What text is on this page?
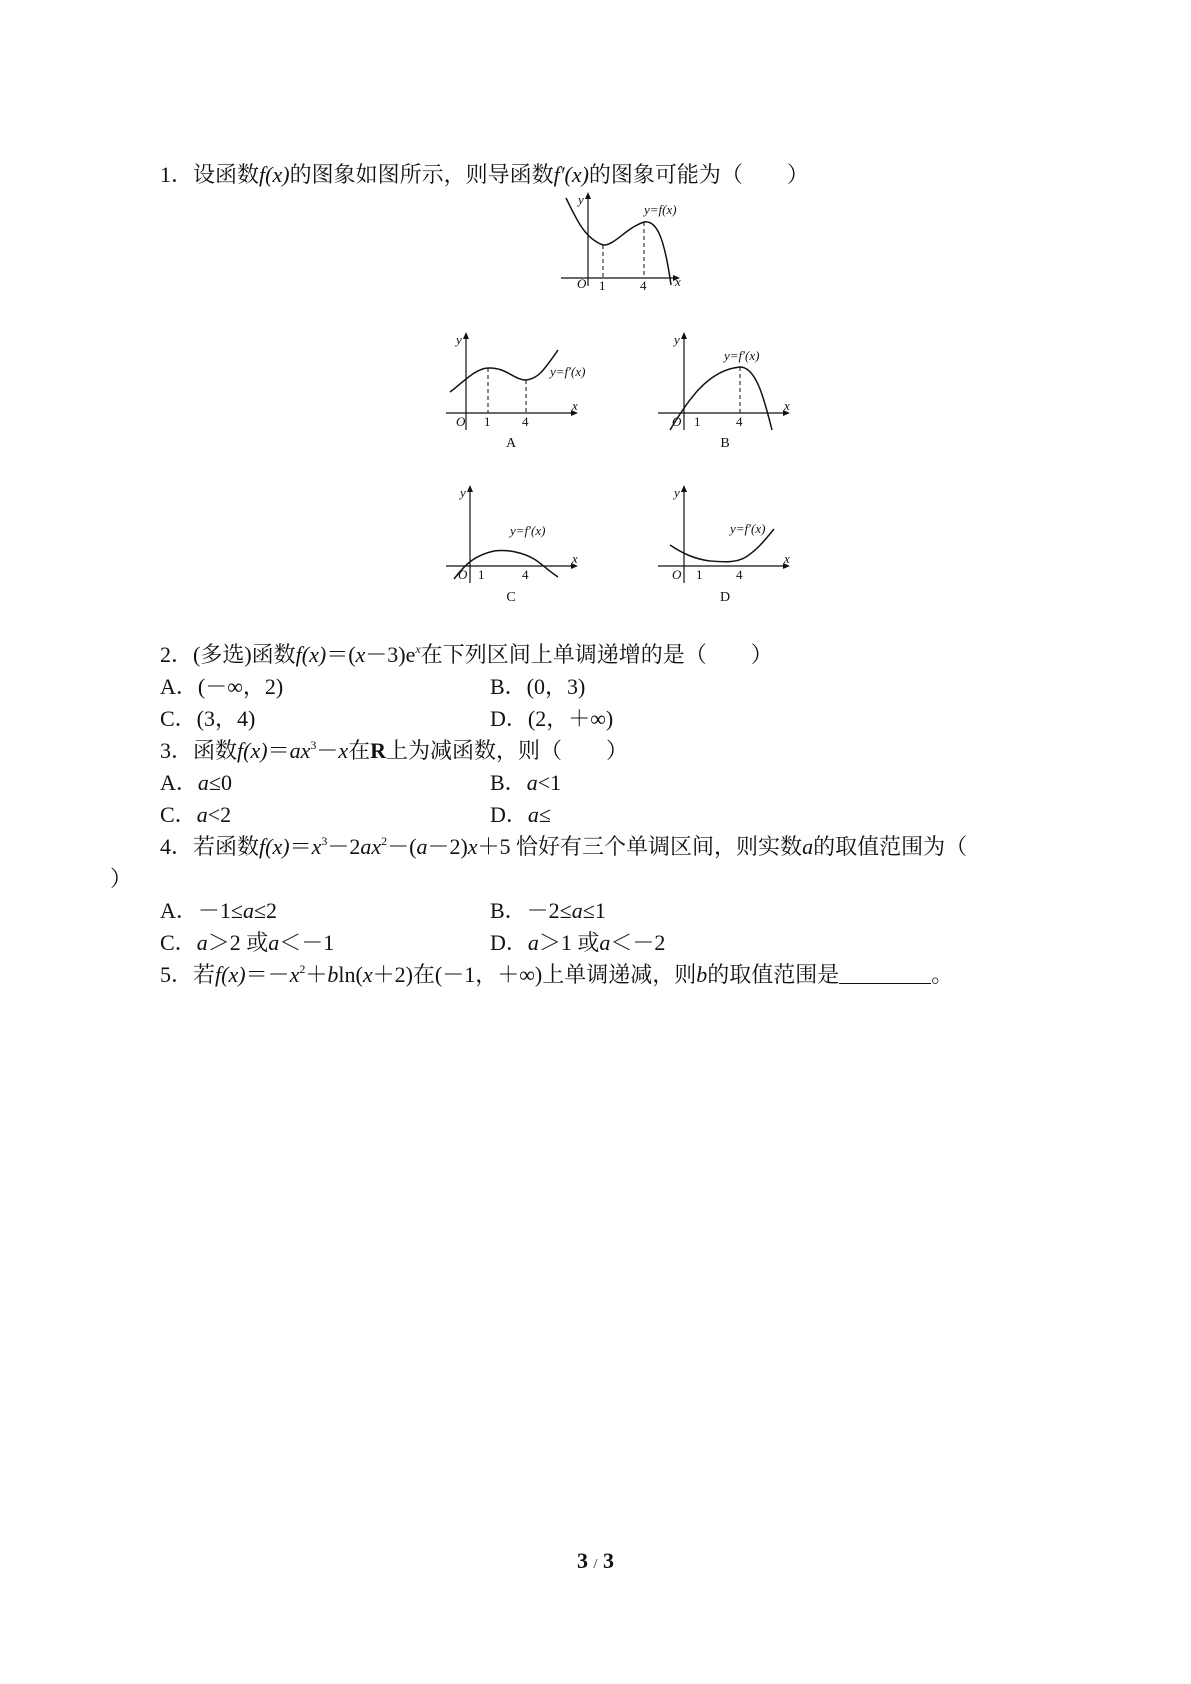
1．设函数f(x)的图象如图所示，则导函数f′(x)的图象可能为（　　）
y
x
O 1	4
y=f(x)
y=f′(x)
y
x
O 1 4
A
y=f′(x)
y
x
O 1	4
B
y=f′(x)
y
x
O 1	4
C
y=f′(x)
y
x
O 1	4
D
2．(多选)函数$f(x)=(x-3)e^x$在下列区间上单调递增的是（　　）
A．(－∞，2)	B．(0，3)
C．(3，4)	D．(2，＋∞)
3．函数$f(x)=ax^3-x$在R上为减函数，则（　　）
A．a≤0	B．a<1
C．a<2	D．a≤
4．若函数$f(x)=x^3-2ax^2-(a-2)x+5$ 恰好有三个单调区间，则实数a的取值范围为（
）
A．－1≤a≤2	B．－2≤a≤1
C．a＞2 或a＜－1	D．a＞1 或a＜－2
5．若$f(x)=-x^2+bln(x+2)$在(－1，＋∞)上单调递减，则b的取值范围是	。
3 / 3
